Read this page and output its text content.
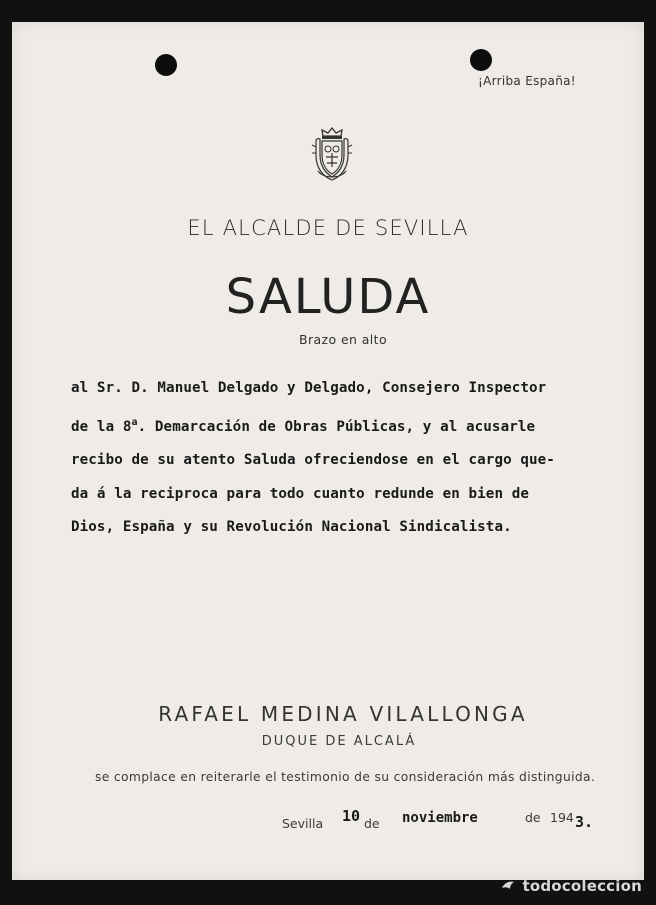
¡Arriba España!
EL ALCALDE DE SEVILLA
SALUDA
Brazo en alto
al Sr. D. Manuel Delgado y Delgado, Consejero Inspector
de la 8$^a$. Demarcación de Obras Públicas, y al acusarle
recibo de su atento Saluda ofreciendose en el cargo que-
da á la reciproca para todo cuanto redunde en bien de
Dios, España y su Revolución Nacional Sindicalista.
RAFAEL MEDINA VILALLONGA
DUQUE DE ALCALÁ
se complace en reiterarle el testimonio de su consideración más distinguida.
Sevilla 10 de noviembre	de 194 3.
todocoleccion
